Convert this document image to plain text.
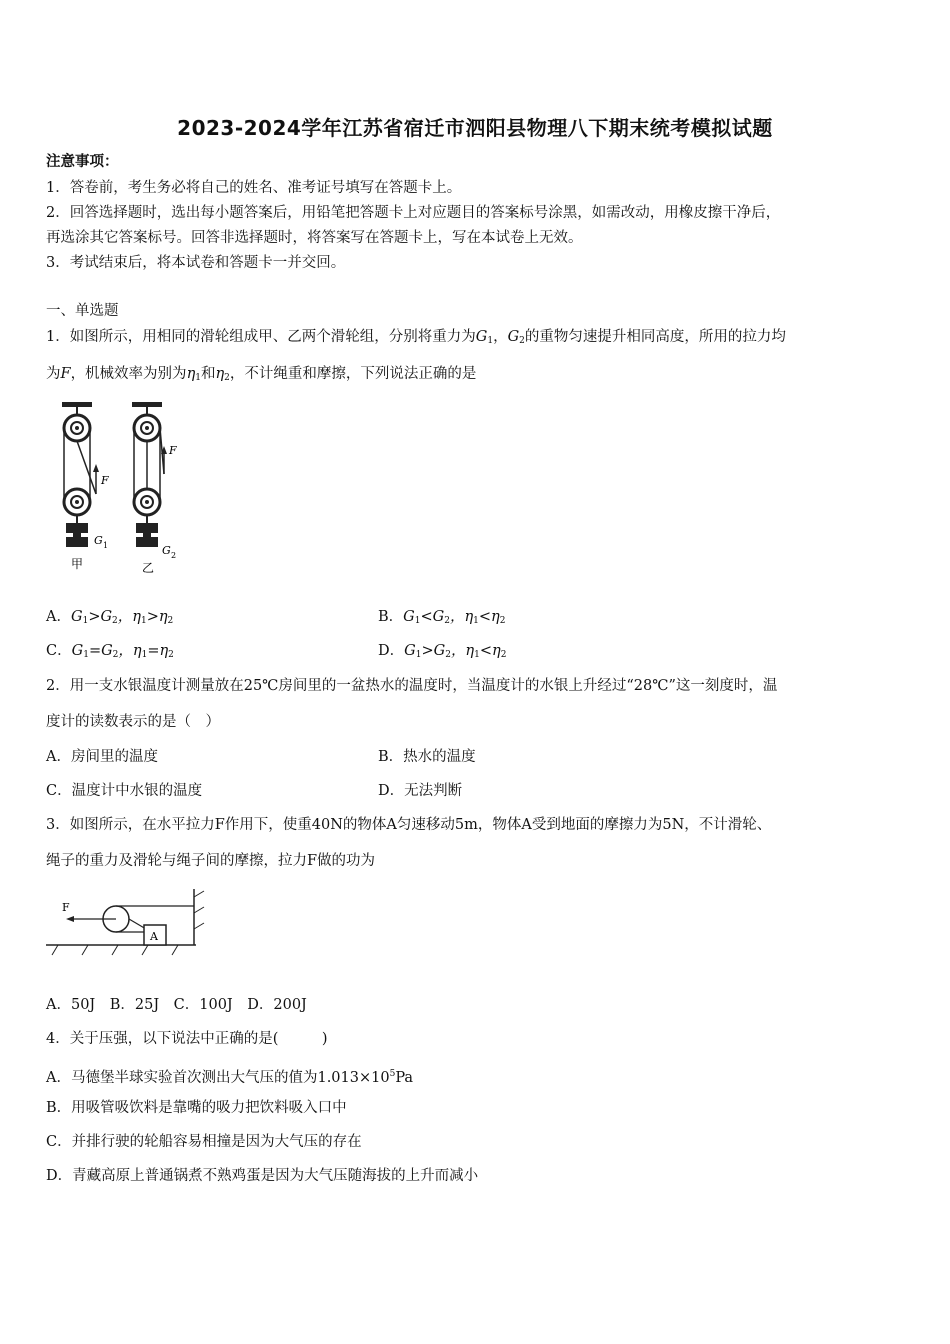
2023-2024学年江苏省宿迁市泗阳县物理八下期末统考模拟试题
注意事项：
1．答卷前，考生务必将自己的姓名、准考证号填写在答题卡上。
2．回答选择题时，选出每小题答案后，用铅笔把答题卡上对应题目的答案标号涂黑，如需改动，用橡皮擦干净后，
再选涂其它答案标号。回答非选择题时，将答案写在答题卡上，写在本试卷上无效。
3．考试结束后，将本试卷和答题卡一并交回。
一、单选题
1．如图所示，用相同的滑轮组成甲、乙两个滑轮组，分别将重力为$G_1$，$G_2$的重物匀速提升相同高度，所用的拉力均
为F，机械效率为别为$\eta_1$和$\eta_2$，不计绳重和摩擦，下列说法正确的是
F
G 1
甲
F
G 2
乙
A．$G_1>G_2$，$\eta_1>\eta_2$	B．$G_1<G_2$，$\eta_1<\eta_2$
C．$G_1=G_2$，$\eta_1=\eta_2$	D．$G_1>G_2$，$\eta_1<\eta_2$
2．用一支水银温度计测量放在25℃房间里的一盆热水的温度时，当温度计的水银上升经过“28℃”这一刻度时，温
度计的读数表示的是（　）
A．房间里的温度	B．热水的温度
C．温度计中水银的温度	D．无法判断
3．如图所示，在水平拉力F作用下，使重40N的物体A匀速移动5m，物体A受到地面的摩擦力为5N，不计滑轮、
绳子的重力及滑轮与绳子间的摩擦，拉力F做的功为
A
F
A．50J　B．25J　C．100J　D．200J
4．关于压强，以下说法中正确的是(　　　)
A．马德堡半球实验首次测出大气压的值为$1.013\times 10^5Pa$
B．用吸管吸饮料是靠嘴的吸力把饮料吸入口中
C．并排行驶的轮船容易相撞是因为大气压的存在
D．青藏高原上普通锅煮不熟鸡蛋是因为大气压随海拔的上升而减小
